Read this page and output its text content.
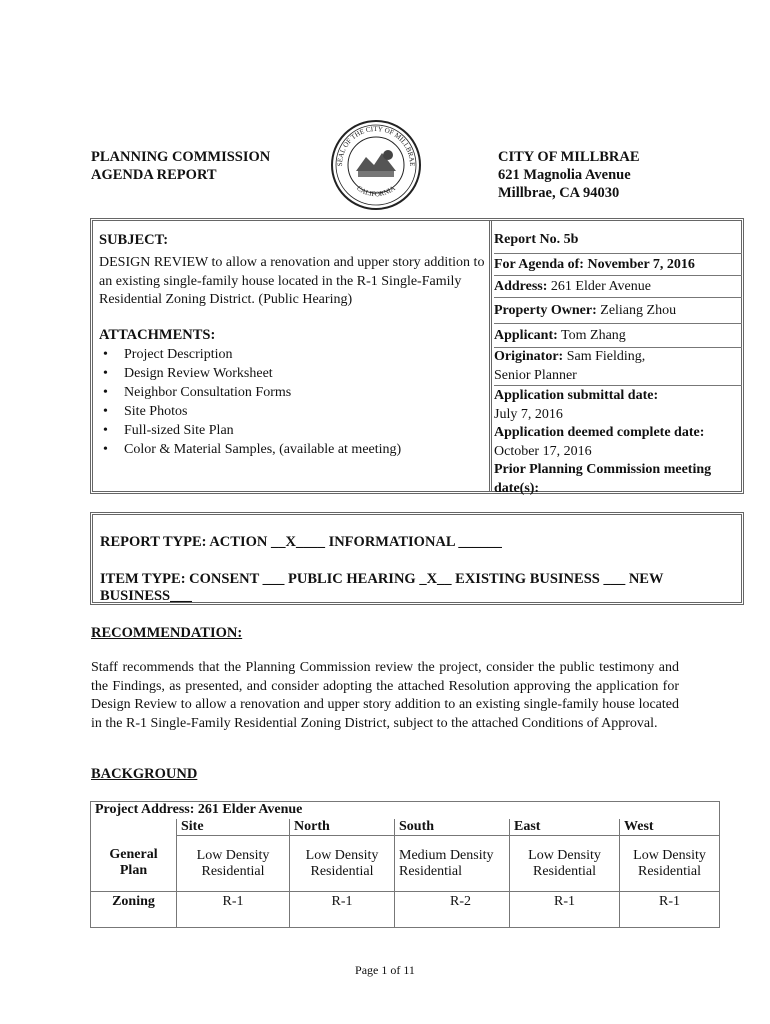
PLANNING COMMISSION
AGENDA REPORT
SEAL OF THE CITY OF MILLBRAE
CALIFORNIA
CITY OF MILLBRAE
621 Magnolia Avenue
Millbrae, CA 94030
SUBJECT:
DESIGN REVIEW to allow a renovation and upper story addition to an existing single-family house located in the R-1 Single-Family Residential Zoning District. (Public Hearing)
ATTACHMENTS:
• Project Description
• Design Review Worksheet
• Neighbor Consultation Forms
• Site Photos
• Full-sized Site Plan
• Color & Material Samples, (available at meeting)
Report No. 5b
For Agenda of: November 7, 2016
Address: 261 Elder Avenue
Property Owner: Zeliang Zhou
Applicant: Tom Zhang
Originator: Sam Fielding,
Senior Planner
Application submittal date:
July 7, 2016
Application deemed complete date:
October 17, 2016
Prior Planning Commission meeting date(s):
REPORT TYPE: ACTION __X____ INFORMATIONAL ______
ITEM TYPE: CONSENT ___ PUBLIC HEARING _X__ EXISTING BUSINESS ___ NEW BUSINESS___
RECOMMENDATION:
Staff recommends that the Planning Commission review the project, consider the public testimony and the Findings, as presented, and consider adopting the attached Resolution approving the application for Design Review to allow a renovation and upper story addition to an existing single-family house located in the R-1 Single-Family Residential Zoning District, subject to the attached Conditions of Approval.
BACKGROUND
Project Address: 261 Elder Avenue					
	Site	North	South	East	West
General Plan	Low Density Residential	Low Density Residential	Medium Density Residential	Low Density Residential	Low Density Residential
Zoning	R-1	R-1	R-2	R-1	R-1
Page 1 of 11
